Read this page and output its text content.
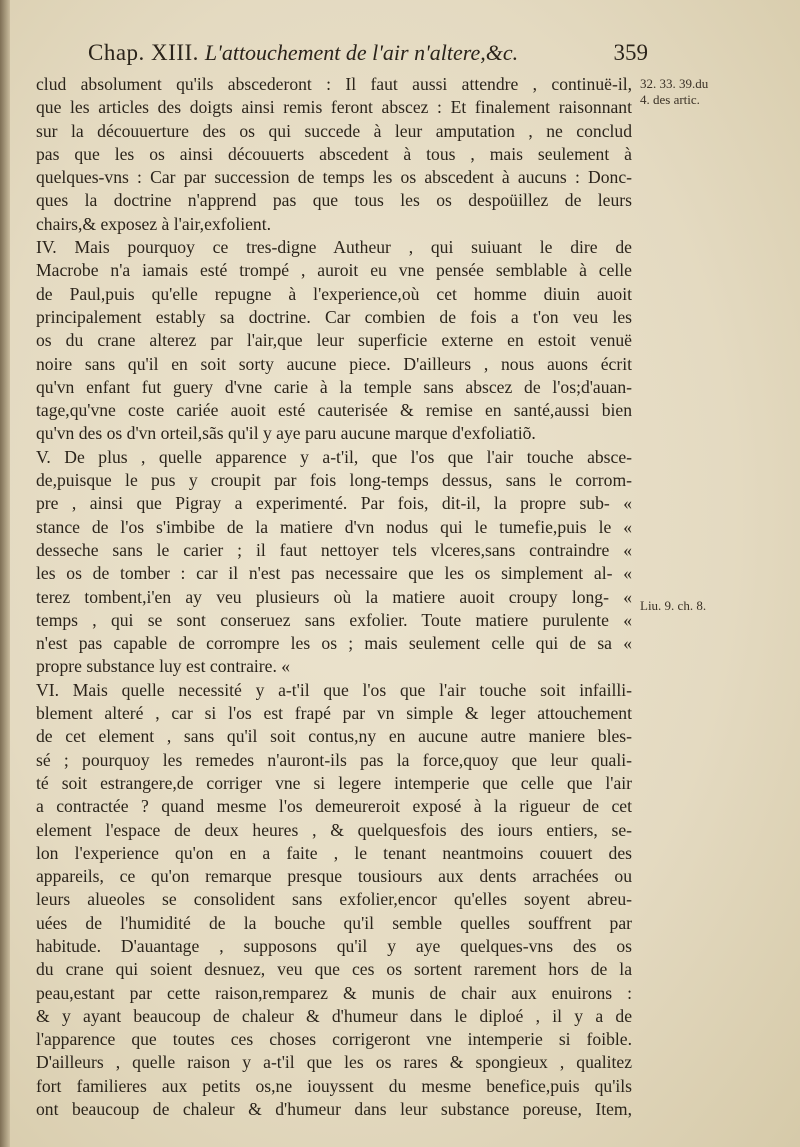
Chap. XIII. L'attouchement de l'air n'altere,&c.	359
clud absolument qu'ils abscederont : Il faut aussi attendre , continuë-il,
que les articles des doigts ainsi remis feront abscez : Et finalement raisonnant
sur la découuerture des os qui succede à leur amputation , ne conclud
pas que les os ainsi découuerts abscedent à tous , mais seulement à
quelques-vns : Car par succession de temps les os abscedent à aucuns : Donc-
ques la doctrine n'apprend pas que tous les os despoüillez de leurs
chairs,& exposez à l'air,exfolient.
IV. Mais pourquoy ce tres-digne Autheur , qui suiuant le dire de
Macrobe n'a iamais esté trompé , auroit eu vne pensée semblable à celle
de Paul,puis qu'elle repugne à l'experience,où cet homme diuin auoit
principalement estably sa doctrine. Car combien de fois a t'on veu les
os du crane alterez par l'air,que leur superficie externe en estoit venuë
noire sans qu'il en soit sorty aucune piece. D'ailleurs , nous auons écrit
qu'vn enfant fut guery d'vne carie à la temple sans abscez de l'os;d'auan-
tage,qu'vne coste cariée auoit esté cauterisée & remise en santé,aussi bien
qu'vn des os d'vn orteil,sãs qu'il y aye paru aucune marque d'exfoliatiõ.
V. De plus , quelle apparence y a-t'il, que l'os que l'air touche absce-
de,puisque le pus y croupit par fois long-temps dessus, sans le corrom-
pre , ainsi que Pigray a experimenté. Par fois, dit-il, la propre sub- «
stance de l'os s'imbibe de la matiere d'vn nodus qui le tumefie,puis le «
desseche sans le carier ; il faut nettoyer tels vlceres,sans contraindre «
les os de tomber : car il n'est pas necessaire que les os simplement al- «
terez tombent,i'en ay veu plusieurs où la matiere auoit croupy long- «
temps , qui se sont conseruez sans exfolier. Toute matiere purulente «
n'est pas capable de corrompre les os ; mais seulement celle qui de sa «
propre substance luy est contraire. «
VI. Mais quelle necessité y a-t'il que l'os que l'air touche soit infailli-
blement alteré , car si l'os est frapé par vn simple & leger attouchement
de cet element , sans qu'il soit contus,ny en aucune autre maniere bles-
sé ; pourquoy les remedes n'auront-ils pas la force,quoy que leur quali-
té soit estrangere,de corriger vne si legere intemperie que celle que l'air
a contractée ? quand mesme l'os demeureroit exposé à la rigueur de cet
element l'espace de deux heures , & quelquesfois des iours entiers, se-
lon l'experience qu'on en a faite , le tenant neantmoins couuert des
appareils, ce qu'on remarque presque tousiours aux dents arrachées ou
leurs alueoles se consolident sans exfolier,encor qu'elles soyent abreu-
uées de l'humidité de la bouche qu'il semble quelles souffrent par
habitude. D'auantage , supposons qu'il y aye quelques-vns des os
du crane qui soient desnuez, veu que ces os sortent rarement hors de la
peau,estant par cette raison,remparez & munis de chair aux enuirons :
& y ayant beaucoup de chaleur & d'humeur dans le diploé , il y a de
l'apparence que toutes ces choses corrigeront vne intemperie si foible.
D'ailleurs , quelle raison y a-t'il que les os rares & spongieux , qualitez
fort familieres aux petits os,ne iouyssent du mesme benefice,puis qu'ils
ont beaucoup de chaleur & d'humeur dans leur substance poreuse, Item,
32. 33. 39.du
4. des artic.
Liu. 9. ch. 8.
